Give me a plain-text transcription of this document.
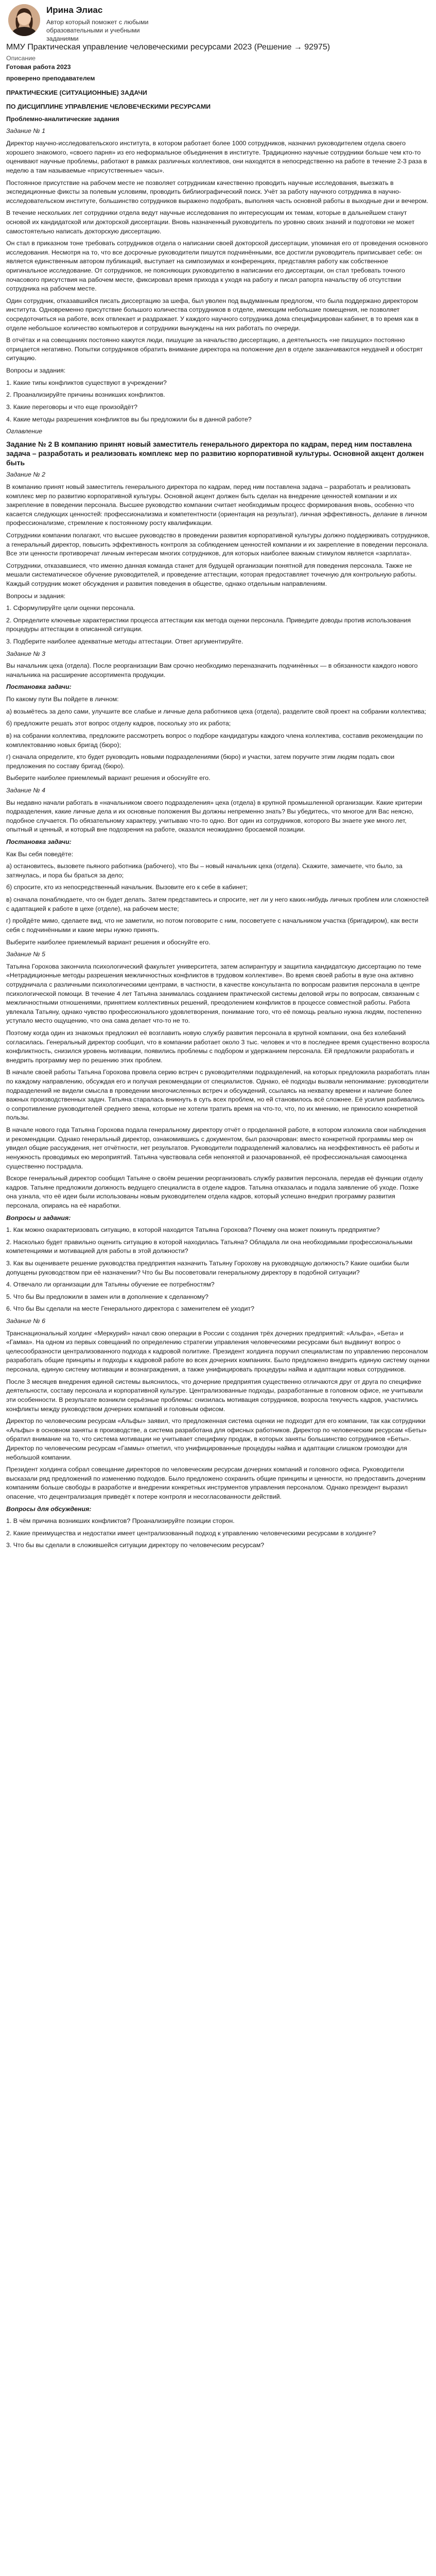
Ирина Элиас
Автор который поможет с любыми образовательными и учебными заданиями
ММУ Практическая управление человеческими ресурсами 2023 (Решение → 92975)
Описание
Готовая работа 2023
проверено преподавателем

ПРАКТИЧЕСКИЕ (СИТУАЦИОННЫЕ) ЗАДАЧИ

ПО ДИСЦИПЛИНЕ УПРАВЛЕНИЕ ЧЕЛОВЕЧЕСКИМИ РЕСУРСАМИ

Проблемно-аналитические задания

Задание № 1

Директор научно-исследовательского института, в котором работает более 1000 сотрудников, назначил руководителем отдела своего хорошего знакомого, «своего парня» из его неформальное объединения в институте. Традиционно научные сотрудники больше чем кто-то оценивают научные проблемы, работают в рамках различных коллективов, они находятся в непосредственно на работе в течение 2-3 раза в неделю а там называемые «присутственные» часы».

Постоянное присутствие на рабочем месте не позволяет сотрудникам качественно проводить научные исследования, выезжать в экспедиционные фиксты за полевым условиям, проводить библиографический поиск. Учёт за работу научного сотрудника в научно-исследовательском институте, большинство сотрудников выражено подобрать, выполняя часть основной работы в выходные дни и вечером.

В течение нескольких лет сотрудники отдела ведут научные исследования по интересующим их темам, которые в дальнейшем станут основой их кандидатской или докторской диссертации. Вновь назначенный руководитель по уровню своих знаний и подготовки не может самостоятельно написать докторскую диссертацию.

Он стал в приказном тоне требовать сотрудников отдела о написании своей докторской диссертации, упоминая его от проведения основного исследования. Несмотря на то, что все досрочные руководители пишутся подчинёнными, все достигли руководитель приписывает себе: он является единственным автором публикаций, выступает на симпозиумах и конференциях, представляя работу как собственное оригинальное исследование. От сотрудников, не поясняющих руководителю в написании его диссертации, он стал требовать точного почасового присутствия на рабочем месте, фиксировал время прихода к уходя на работу и писал рапорта начальству об отсутствии сотрудника на рабочем месте.

Один сотрудник, отказавшийся писать диссертацию за шефа, был уволен под выдуманным предлогом, что была поддержано директором института. Одновременно присутствие большого количества сотрудников в отделе, имеющим небольшие помещения, не позволяет сосредоточиться на работе, всех отвлекает и раздражает. У каждого научного сотрудника дома специфицирован кабинет, в то время как в отделе небольшое количество компьютеров и сотрудники вынуждены на них работать по очереди.

В отчётах и на совещаниях постоянно кажутся люди, пишущие за начальство диссертацию, а деятельность «не пишущих» постоянно отрицается негативно. Попытки сотрудников обратить внимание директора на положение дел в отделе заканчиваются неудачей и обострят ситуацию.

Вопросы и задания:

1. Какие типы конфликтов существуют в учреждении?

2. Проанализируйте причины возникших конфликтов.

3. Какие переговоры и что еще произойдёт?

4. Какие методы разрешения конфликтов вы бы предложили бы в данной работе?

Оглавление

Задание № 2 В компанию принят новый заместитель генерального директора по кадрам, перед ним поставлена задача – разработать и реализовать комплекс мер по развитию корпоративной культуры. Основной акцент должен быть

Задание № 2

В компанию принят новый заместитель генерального директора по кадрам, перед ним поставлена задача – разработать и реализовать комплекс мер по развитию корпоративной культуры. Основной акцент должен быть сделан на внедрение ценностей компании и их закрепление в поведении персонала. Высшее руководство компании считает необходимым процесс формирования вновь, особенно что касается следующих ценностей: профессионализма и компетентности (ориентация на результат), личная эффективность, делание в личном профессионализме, стремление к постоянному росту квалификации.

Сотрудники компании полагают, что высшее руководство в проведении развития корпоративной культуры должно поддерживать сотрудников, а генеральный директор, повысить эффективность контроля за соблюдением ценностей компании и их закрепление в поведении персонала. Все эти ценности противоречат личным интересам многих сотрудников, для которых наиболее важным стимулом является «зарплата».

Сотрудники, отказавшиеся, что именно данная команда станет для будущей организации понятной для поведения персонала. Также не мешали систематическое обучение руководителей, и проведение аттестации, которая предоставляет точечную для контрольную работы. Каждый сотрудник может обсуждения и развития поведения в обществе, однако отдельным направлениям.

Вопросы и задания:

1. Сформулируйте цели оценки персонала.

2. Определите ключевые характеристики процесса аттестации как метода оценки персонала. Приведите доводы против использования процедуры аттестации в описанной ситуации.

3. Подберите наиболее адекватные методы аттестации. Ответ аргументируйте.

Задание № 3

Вы начальник цеха (отдела). После реорганизации Вам срочно необходимо переназначить подчинённых — в обязанности каждого нового начальника на расширение ассортимента продукции.

Постановка задачи:

По какому пути Вы пойдете в личном:

а) возьмётесь за дело сами, улучшите все слабые и личные дела работников цеха (отдела), разделите свой проект на собрании коллектива;

б) предложите решать этот вопрос отделу кадров, поскольку это их работа;

в) на собрании коллектива, предложите рассмотреть вопрос о подборе кандидатуры каждого члена коллектива, составив рекомендации по комплектованию новых бригад (бюро);

г) сначала определите, кто будет руководить новыми подразделениями (бюро) и участки, затем поручите этим людям подать свои предложения по составу бригад (бюро).

Выберите наиболее приемлемый вариант решения и обоснуйте его.

Задание № 4

Вы недавно начали работать в «начальником своего подразделения» цеха (отдела) в крупной промышленной организации. Какие критерии подразделения, какие личные дела и их основные положения Вы должны непременно знать? Вы убедитесь, что многое для Вас неясно, подобное случается. По обязательному характеру, учитываю что-то одно. Вот один из сотрудников, которого Вы знаете уже много лет, опытный и ценный, и который вне подозрения на работе, оказался неожиданно бросаемой позиции.

Постановка задачи:

Как Вы себя поведёте:

а) остановитесь, вызовете пьяного работника (рабочего), что Вы – новый начальник цеха (отдела). Скажите, замечаете, что было, за затянулась, и пора бы браться за дело;

б) спросите, кто из непосредственный начальник. Вызовите его к себе в кабинет;

в) сначала понаблюдаете, что он будет делать. Затем представитесь и спросите, нет ли у него каких-нибудь личных проблем или сложностей с адаптацией к работе в цехе (отделе), на рабочем месте;

г) пройдёте мимо, сделаете вид, что не заметили, но потом поговорите с ним, посоветуете с начальником участка (бригадиром), как вести себя с подчинёнными и какие меры нужно принять.

Выберите наиболее приемлемый вариант решения и обоснуйте его.

Задание № 5

Татьяна Горохова закончила психологический факультет университета, затем аспирантуру и защитила кандидатскую диссертацию по теме «Нетрадиционные методы разрешения межличностных конфликтов в трудовом коллективе». Во время своей работы в вузе она активно сотрудничала с различными психологическими центрами, в частности, в качестве консультанта по вопросам развития персонала в центре психологической помощи. В течение 4 лет Татьяна занималась созданием практической системы деловой игры по вопросам, связанным с межличностными отношениями, принятием коллективных решений, преодолением конфликтов в процессе совместной работы. Работа увлекала Татьяну, однако чувство профессионального удовлетворения, понимание того, что её помощь реально нужна людям, постепенно уступало место ощущению, что она сама делает что-то не то.

Поэтому когда один из знакомых предложил её возглавить новую службу развития персонала в крупной компании, она без колебаний согласилась. Генеральный директор сообщил, что в компании работает около 3 тыс. человек и что в последнее время существенно возросла конфликтность, снизился уровень мотивации, появились проблемы с подбором и удержанием персонала. Ей предложили разработать и внедрить программу мер по решению этих проблем.

В начале своей работы Татьяна Горохова провела серию встреч с руководителями подразделений, на которых предложила разработать план по каждому направлению, обсуждая его и получая рекомендации от специалистов. Однако, её подходы вызвали непонимание: руководители подразделений не видели смысла в проведении многочисленных встреч и обсуждений, ссылаясь на нехватку времени и наличие более важных производственных задач. Татьяна старалась вникнуть в суть всех проблем, но ей становилось всё сложнее. Её усилия разбивались о сопротивление руководителей среднего звена, которые не хотели тратить время на что-то, что, по их мнению, не приносило конкретной пользы.

В начале нового года Татьяна Горохова подала генеральному директору отчёт о проделанной работе, в котором изложила свои наблюдения и рекомендации. Однако генеральный директор, ознакомившись с документом, был разочарован: вместо конкретной программы мер он увидел общие рассуждения, нет отчётности, нет результатов. Руководители подразделений жаловались на неэффективность её работы и ненужность проводимых ею мероприятий. Татьяна чувствовала себя непонятой и разочарованной, её профессиональная самооценка существенно пострадала.

Вскоре генеральный директор сообщил Татьяне о своём решении реорганизовать службу развития персонала, передав её функции отделу кадров. Татьяне предложили должность ведущего специалиста в отделе кадров. Татьяна отказалась и подала заявление об уходе. Позже она узнала, что её идеи были использованы новым руководителем отдела кадров, который успешно внедрил программу развития персонала, опираясь на её наработки.

Вопросы и задания:

1. Как можно охарактеризовать ситуацию, в которой находится Татьяна Горохова? Почему она может покинуть предприятие?

2. Насколько будет правильно оценить ситуацию в которой находилась Татьяна? Обладала ли она необходимыми профессиональными компетенциями и мотивацией для работы в этой должности?

3. Как вы оцениваете решение руководства предприятия назначить Татьяну Горохову на руководящую должность? Какие ошибки были допущены руководством при её назначении? Что бы Вы посоветовали генеральному директору в подобной ситуации?

4. Отвечало ли организации для Татьяны обучение ее потребностям?

5. Что бы Вы предложили в замен или в дополнение к сделанному?

6. Что бы Вы сделали на месте Генерального директора с заменителем её уходит?

Задание № 6

Транснациональный холдинг «Меркурий» начал свою операции в России с создания трёх дочерних предприятий: «Альфа», «Бета» и «Гамма». На одном из первых совещаний по определению стратегии управления человеческими ресурсами был выдвинут вопрос о целесообразности централизованного подхода к кадровой политике. Президент холдинга поручил специалистам по управлению персоналом разработать общие принципы и подходы к кадровой работе во всех дочерних компаниях. Было предложено внедрить единую систему оценки персонала, единую систему мотивации и вознаграждения, а также унифицировать процедуры найма и адаптации новых сотрудников.

После 3 месяцев внедрения единой системы выяснилось, что дочерние предприятия существенно отличаются друг от друга по специфике деятельности, составу персонала и корпоративной культуре. Централизованные подходы, разработанные в головном офисе, не учитывали эти особенности. В результате возникли серьёзные проблемы: снизилась мотивация сотрудников, возросла текучесть кадров, участились конфликты между руководством дочерних компаний и головным офисом.

Директор по человеческим ресурсам «Альфы» заявил, что предложенная система оценки не подходит для его компании, так как сотрудники «Альфы» в основном заняты в производстве, а система разработана для офисных работников. Директор по человеческим ресурсам «Беты» обратил внимание на то, что система мотивации не учитывает специфику продаж, в которых заняты большинство сотрудников «Беты». Директор по человеческим ресурсам «Гаммы» отметил, что унифицированные процедуры найма и адаптации слишком громоздки для небольшой компании.

Президент холдинга собрал совещание директоров по человеческим ресурсам дочерних компаний и головного офиса. Руководители высказали ряд предложений по изменению подходов. Было предложено сохранить общие принципы и ценности, но предоставить дочерним компаниям больше свободы в разработке и внедрении конкретных инструментов управления персоналом. Однако президент выразил опасение, что децентрализация приведёт к потере контроля и несогласованности действий.

Вопросы для обсуждения:

1. В чём причина возникших конфликтов? Проанализируйте позиции сторон.

2. Какие преимущества и недостатки имеет централизованный подход к управлению человеческими ресурсами в холдинге?

3. Что бы вы сделали в сложившейся ситуации директору по человеческим ресурсам?
